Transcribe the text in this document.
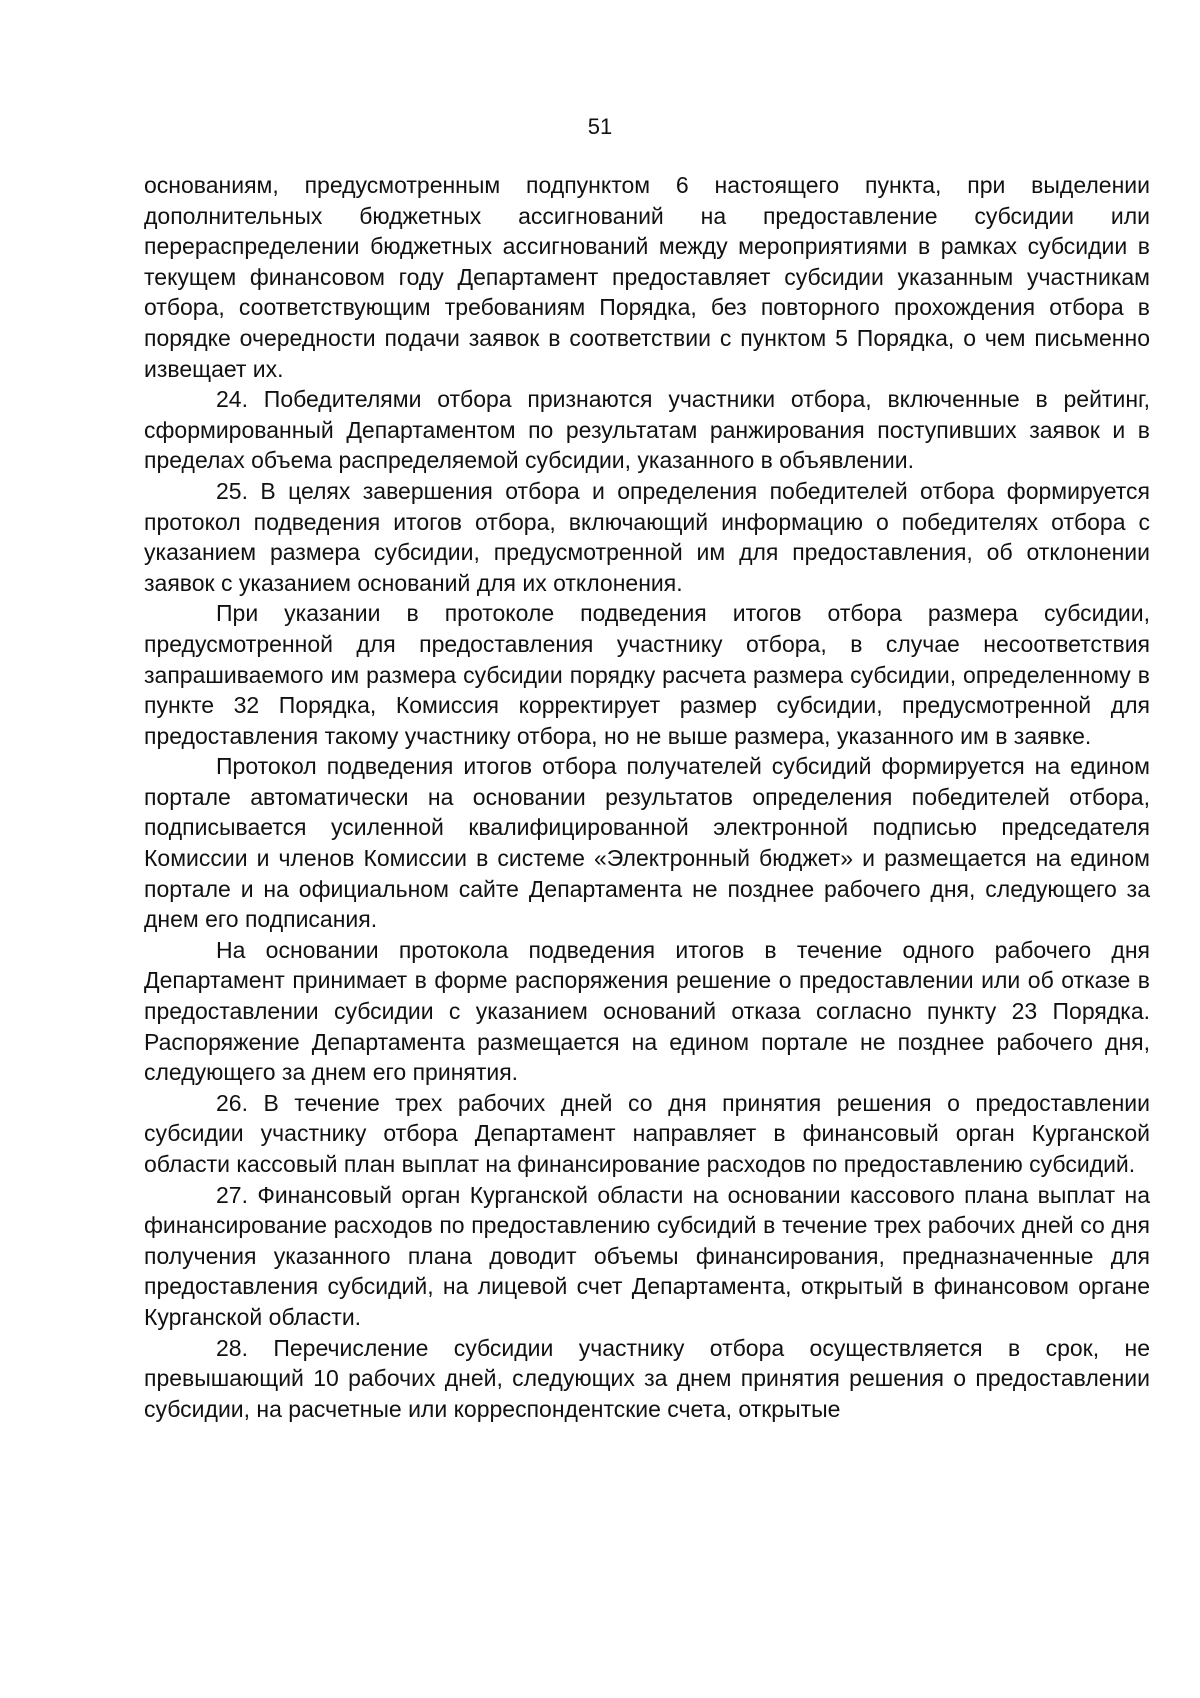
51

основаниям, предусмотренным подпунктом 6 настоящего пункта, при выделении дополнительных бюджетных ассигнований на предоставление субсидии или перераспределении бюджетных ассигнований между мероприятиями в рамках субсидии в текущем финансовом году Департамент предоставляет субсидии указанным участникам отбора, соответствующим требованиям Порядка, без повторного прохождения отбора в порядке очередности подачи заявок в соответствии с пунктом 5 Порядка, о чем письменно извещает их.

24. Победителями отбора признаются участники отбора, включенные в рейтинг, сформированный Департаментом по результатам ранжирования поступивших заявок и в пределах объема распределяемой субсидии, указанного в объявлении.

25. В целях завершения отбора и определения победителей отбора формируется протокол подведения итогов отбора, включающий информацию о победителях отбора с указанием размера субсидии, предусмотренной им для предоставления, об отклонении заявок с указанием оснований для их отклонения.

При указании в протоколе подведения итогов отбора размера субсидии, предусмотренной для предоставления участнику отбора, в случае несоответствия запрашиваемого им размера субсидии порядку расчета размера субсидии, определенному в пункте 32 Порядка, Комиссия корректирует размер субсидии, предусмотренной для предоставления такому участнику отбора, но не выше размера, указанного им в заявке.

Протокол подведения итогов отбора получателей субсидий формируется на едином портале автоматически на основании результатов определения победителей отбора, подписывается усиленной квалифицированной электронной подписью председателя Комиссии и членов Комиссии в системе «Электронный бюджет» и размещается на едином портале и на официальном сайте Департамента не позднее рабочего дня, следующего за днем его подписания.

На основании протокола подведения итогов в течение одного рабочего дня Департамент принимает в форме распоряжения решение о предоставлении или об отказе в предоставлении субсидии с указанием оснований отказа согласно пункту 23 Порядка. Распоряжение Департамента размещается на едином портале не позднее рабочего дня, следующего за днем его принятия.

26. В течение трех рабочих дней со дня принятия решения о предоставлении субсидии участнику отбора Департамент направляет в финансовый орган Курганской области кассовый план выплат на финансирование расходов по предоставлению субсидий.

27. Финансовый орган Курганской области на основании кассового плана выплат на финансирование расходов по предоставлению субсидий в течение трех рабочих дней со дня получения указанного плана доводит объемы финансирования, предназначенные для предоставления субсидий, на лицевой счет Департамента, открытый в финансовом органе Курганской области.

28. Перечисление субсидии участнику отбора осуществляется в срок, не превышающий 10 рабочих дней, следующих за днем принятия решения о предоставлении субсидии, на расчетные или корреспондентские счета, открытые
